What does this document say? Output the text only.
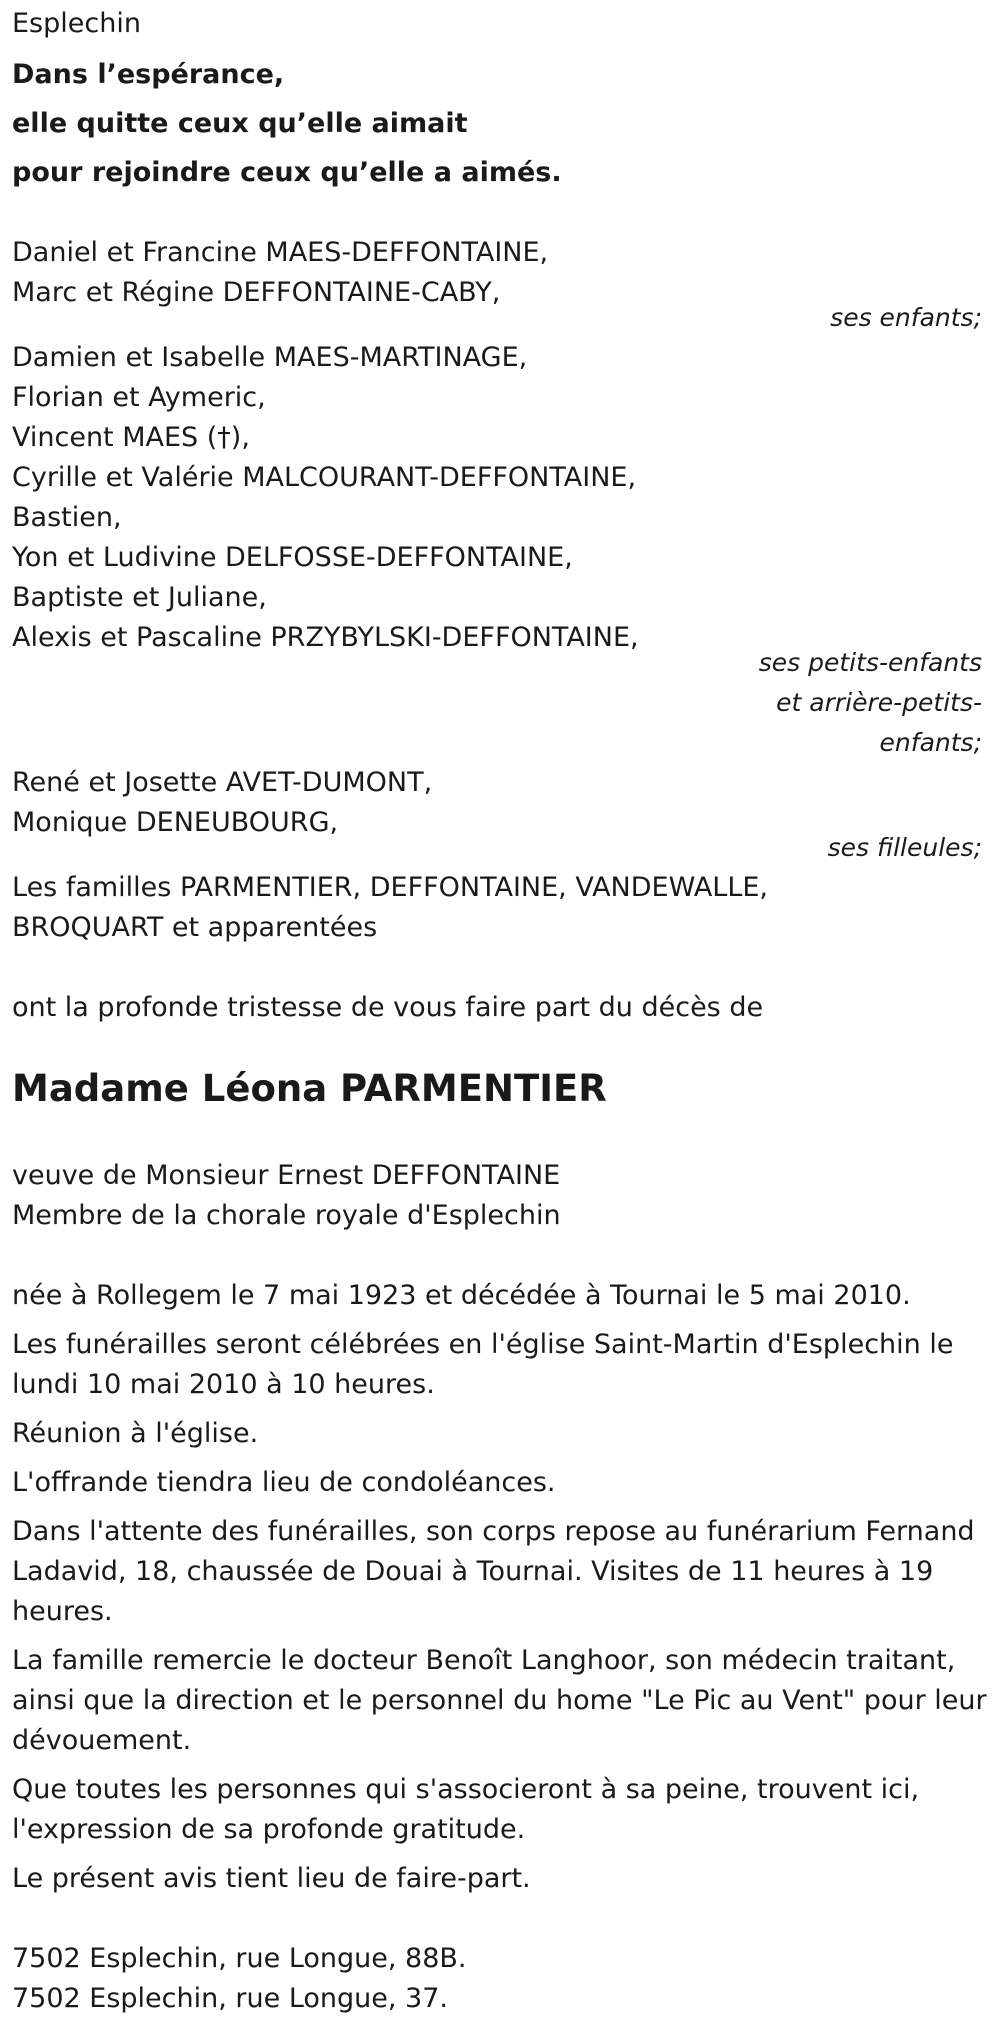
Esplechin
Dans l’espérance,
elle quitte ceux qu’elle aimait
pour rejoindre ceux qu’elle a aimés.
Daniel et Francine MAES-DEFFONTAINE,
Marc et Régine DEFFONTAINE-CABY,
ses enfants;
Damien et Isabelle MAES-MARTINAGE,
Florian et Aymeric,
Vincent MAES (†),
Cyrille et Valérie MALCOURANT-DEFFONTAINE,
Bastien,
Yon et Ludivine DELFOSSE-DEFFONTAINE,
Baptiste et Juliane,
Alexis et Pascaline PRZYBYLSKI-DEFFONTAINE,
ses petits-enfants
et arrière-petits-
enfants;
René et Josette AVET-DUMONT,
Monique DENEUBOURG,
ses filleules;
Les familles PARMENTIER, DEFFONTAINE, VANDEWALLE,
BROQUART et apparentées
ont la profonde tristesse de vous faire part du décès de
Madame Léona PARMENTIER
veuve de Monsieur Ernest DEFFONTAINE
Membre de la chorale royale d'Esplechin
née à Rollegem le 7 mai 1923 et décédée à Tournai le 5 mai 2010.
Les funérailles seront célébrées en l'église Saint-Martin d'Esplechin le lundi 10 mai 2010 à 10 heures.
Réunion à l'église.
L'offrande tiendra lieu de condoléances.
Dans l'attente des funérailles, son corps repose au funérarium Fernand Ladavid, 18, chaussée de Douai à Tournai. Visites de 11 heures à 19 heures.
La famille remercie le docteur Benoît Langhoor, son médecin traitant, ainsi que la direction et le personnel du home "Le Pic au Vent" pour leur dévouement.
Que toutes les personnes qui s'associeront à sa peine, trouvent ici, l'expression de sa profonde gratitude.
Le présent avis tient lieu de faire-part.
7502 Esplechin, rue Longue, 88B.
7502 Esplechin, rue Longue, 37.
